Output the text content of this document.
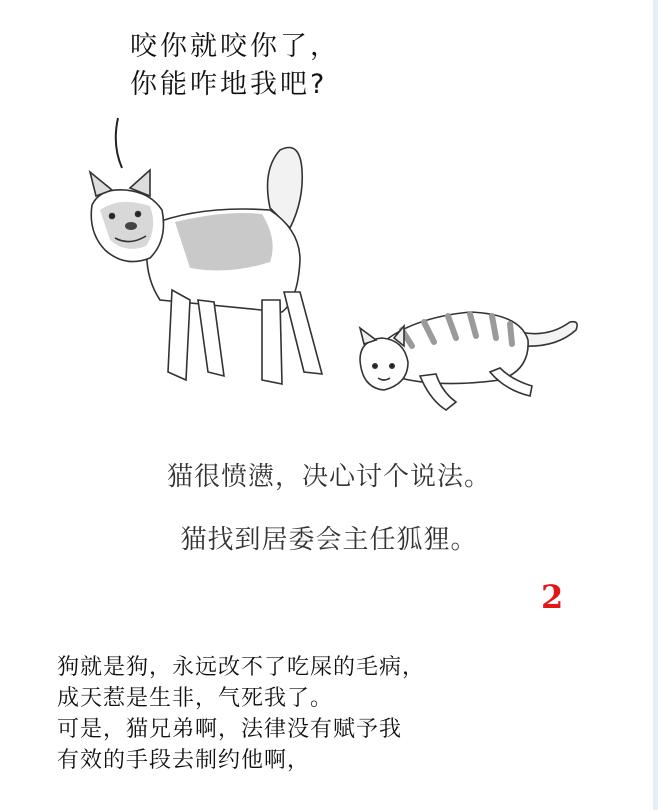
咬你就咬你了，
你能咋地我吧?
猫很愤懑，决心讨个说法。
猫找到居委会主任狐狸。
2
狗就是狗，永远改不了吃屎的毛病，
成天惹是生非，气死我了。
可是，猫兄弟啊，法律没有赋予我
有效的手段去制约他啊，
